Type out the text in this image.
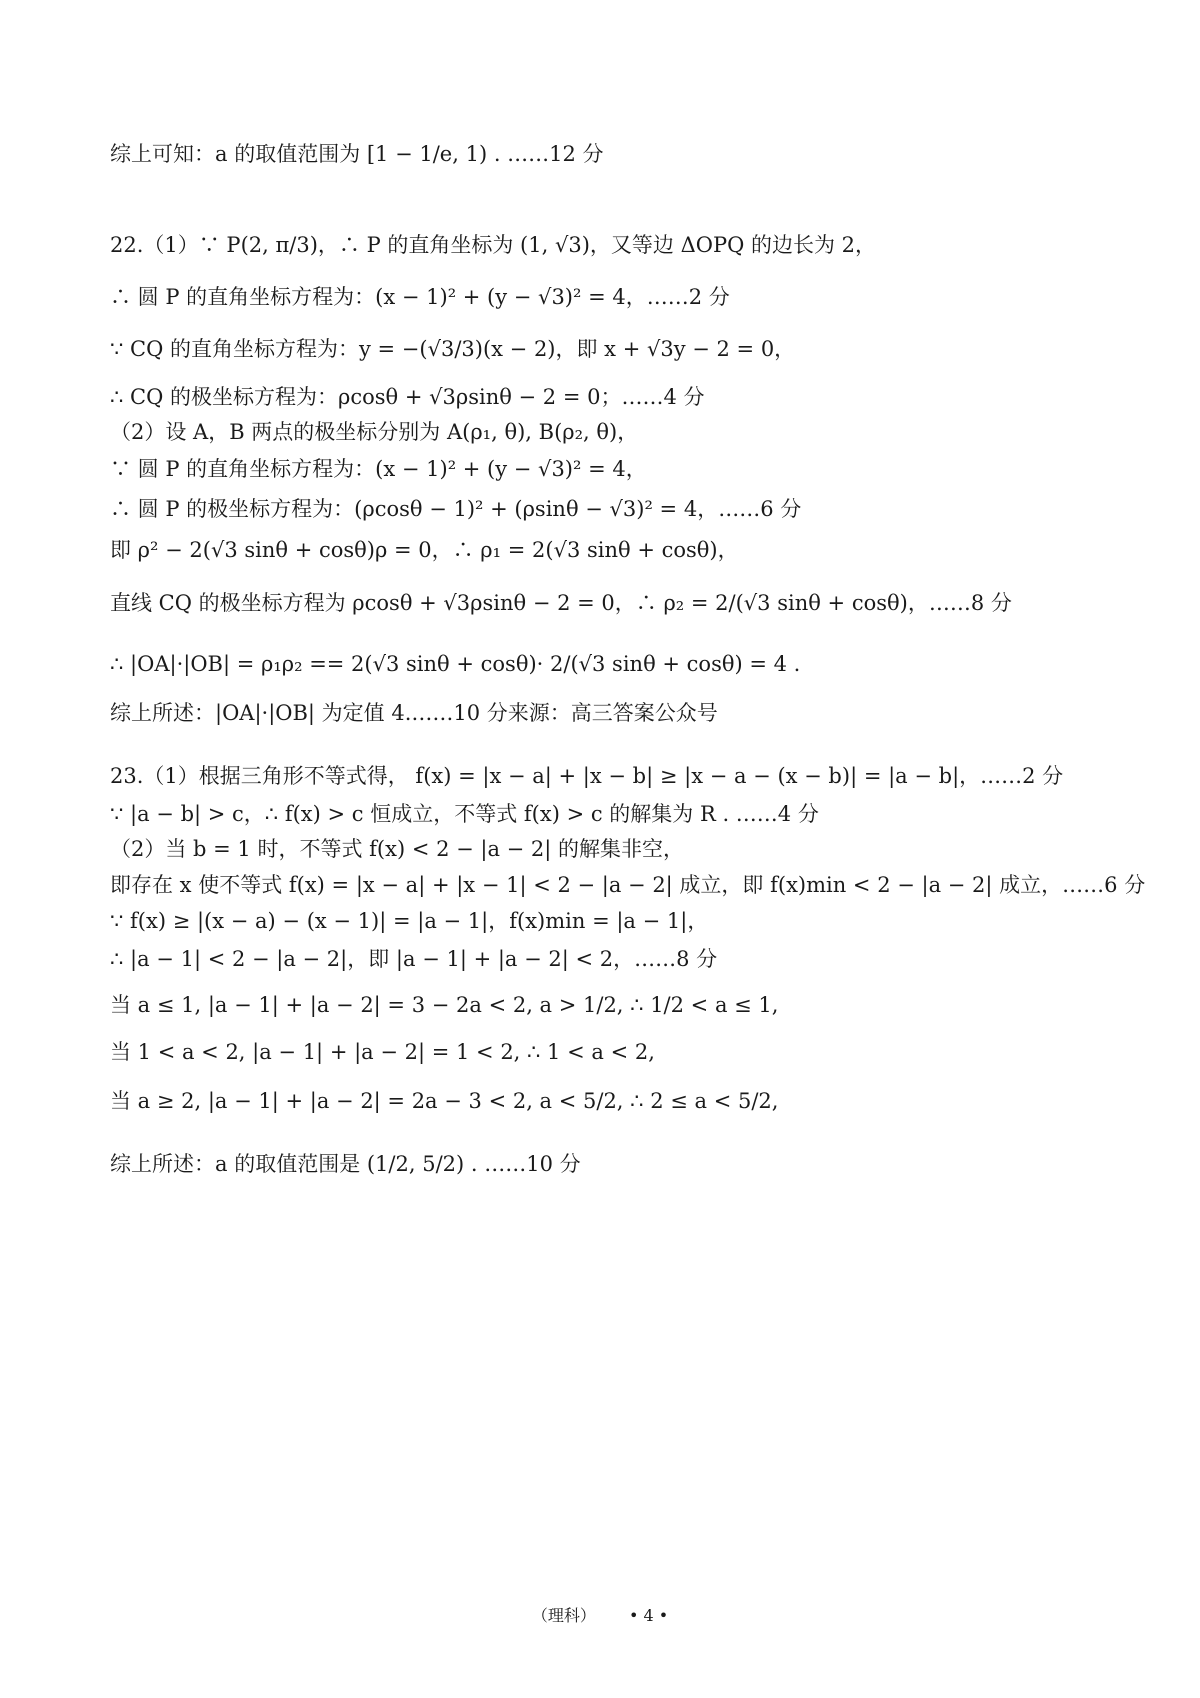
综上可知：a 的取值范围为 [1 − 1/e, 1) . ……12 分
22.（1）∵ P(2, π/3)，∴ P 的直角坐标为 (1, √3)，又等边 ΔOPQ 的边长为 2，
∴ 圆 P 的直角坐标方程为：(x − 1)² + (y − √3)² = 4，……2 分
∵ CQ 的直角坐标方程为：y = −(√3/3)(x − 2)，即 x + √3y − 2 = 0，
∴ CQ 的极坐标方程为：ρcosθ + √3ρsinθ − 2 = 0；……4 分
（2）设 A，B 两点的极坐标分别为 A(ρ₁, θ), B(ρ₂, θ)，
∵ 圆 P 的直角坐标方程为：(x − 1)² + (y − √3)² = 4，
∴ 圆 P 的极坐标方程为：(ρcosθ − 1)² + (ρsinθ − √3)² = 4，……6 分
即 ρ² − 2(√3 sinθ + cosθ)ρ = 0，∴ ρ₁ = 2(√3 sinθ + cosθ)，
直线 CQ 的极坐标方程为 ρcosθ + √3ρsinθ − 2 = 0，∴ ρ₂ = 2/(√3 sinθ + cosθ)，……8 分
∴ |OA|·|OB| = ρ₁ρ₂ == 2(√3 sinθ + cosθ)· 2/(√3 sinθ + cosθ) = 4 .
综上所述：|OA|·|OB| 为定值 4.……10 分来源：高三答案公众号
23.（1）根据三角形不等式得， f(x) = |x − a| + |x − b| ≥ |x − a − (x − b)| = |a − b|，……2 分
∵ |a − b| > c，∴ f(x) > c 恒成立，不等式 f(x) > c 的解集为 R . ……4 分
（2）当 b = 1 时，不等式 f(x) < 2 − |a − 2| 的解集非空，
即存在 x 使不等式 f(x) = |x − a| + |x − 1| < 2 − |a − 2| 成立，即 f(x)min < 2 − |a − 2| 成立，……6 分
∵ f(x) ≥ |(x − a) − (x − 1)| = |a − 1|，f(x)min = |a − 1|，
∴ |a − 1| < 2 − |a − 2|，即 |a − 1| + |a − 2| < 2，……8 分
当 a ≤ 1, |a − 1| + |a − 2| = 3 − 2a < 2, a > 1/2, ∴ 1/2 < a ≤ 1,
当 1 < a < 2, |a − 1| + |a − 2| = 1 < 2, ∴ 1 < a < 2,
当 a ≥ 2, |a − 1| + |a − 2| = 2a − 3 < 2, a < 5/2, ∴ 2 ≤ a < 5/2,
综上所述：a 的取值范围是 (1/2, 5/2) . ……10 分
（理科） • 4 •
